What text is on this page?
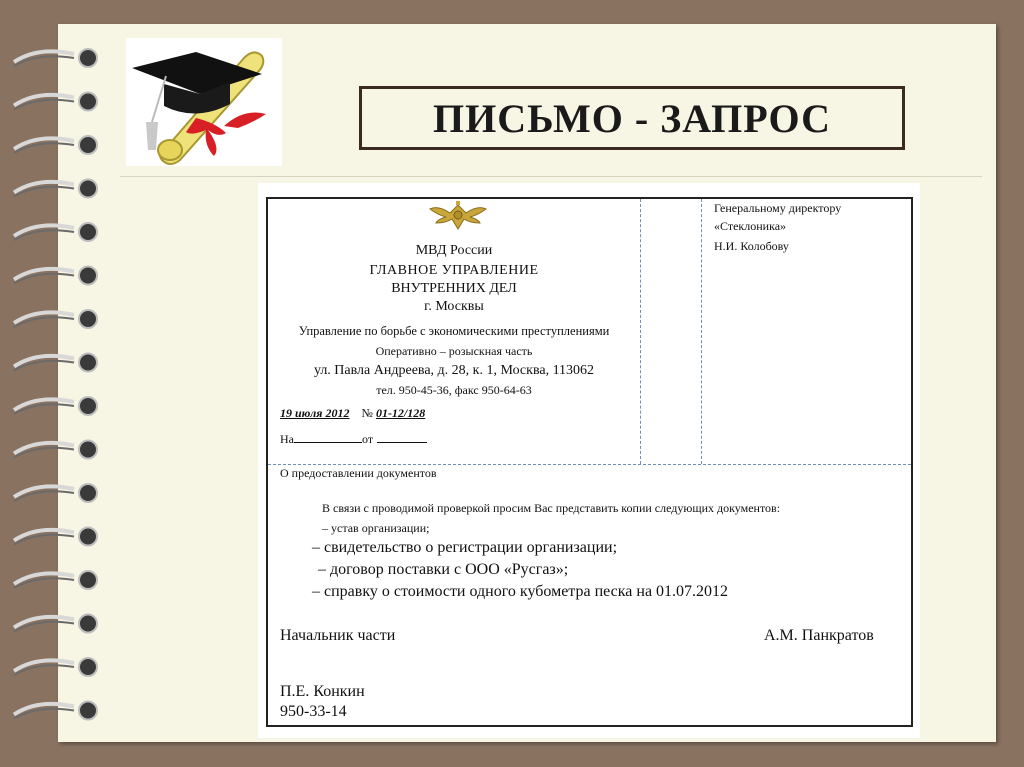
ПИСЬМО - ЗАПРОС
МВД России
ГЛАВНОЕ УПРАВЛЕНИЕ
ВНУТРЕННИХ ДЕЛ
г. Москвы
Управление по борьбе с экономическими преступлениями
Оперативно – розыскная часть
ул. Павла Андреева, д. 28, к. 1, Москва, 113062
тел. 950-45-36, факс 950-64-63
19 июля 2012 № 01-12/128
На	от
Генеральному директору
«Стеклоника»
Н.И. Колобову
О предоставлении документов
В связи с проводимой проверкой просим Вас представить копии следующих документов:
– устав организации;
– свидетельство о регистрации организации;
– договор поставки с ООО «Русгаз»;
– справку о стоимости одного кубометра песка на 01.07.2012
Начальник части	А.М. Панкратов
П.Е. Конкин
950-33-14
